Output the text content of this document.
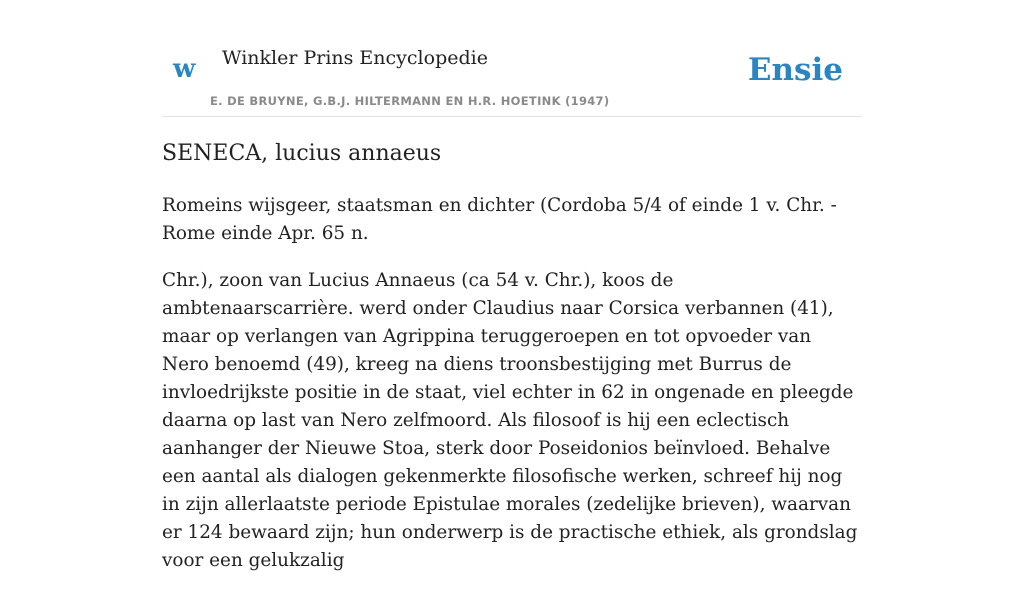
w Winkler Prins Encyclopedie
E. DE BRUYNE, G.B.J. HILTERMANN EN H.R. HOETINK (1947)
Ensie
SENECA, lucius annaeus

Romeins wijsgeer, staatsman en dichter (Cordoba 5/4 of einde 1 v. Chr. - Rome einde Apr. 65 n.

Chr.), zoon van Lucius Annaeus (ca 54 v. Chr.), koos de ambtenaarscarrière. werd onder Claudius naar Corsica verbannen (41), maar op verlangen van Agrippina teruggeroepen en tot opvoeder van Nero benoemd (49), kreeg na diens troonsbestijging met Burrus de invloedrijkste positie in de staat, viel echter in 62 in ongenade en pleegde daarna op last van Nero zelfmoord. Als filosoof is hij een eclectisch aanhanger der Nieuwe Stoa, sterk door Poseidonios beïnvloed. Behalve een aantal als dialogen gekenmerkte filosofische werken, schreef hij nog in zijn allerlaatste periode Epistulae morales (zedelijke brieven), waarvan er 124 bewaard zijn; hun onderwerp is de practische ethiek, als grondslag voor een gelukzalig
